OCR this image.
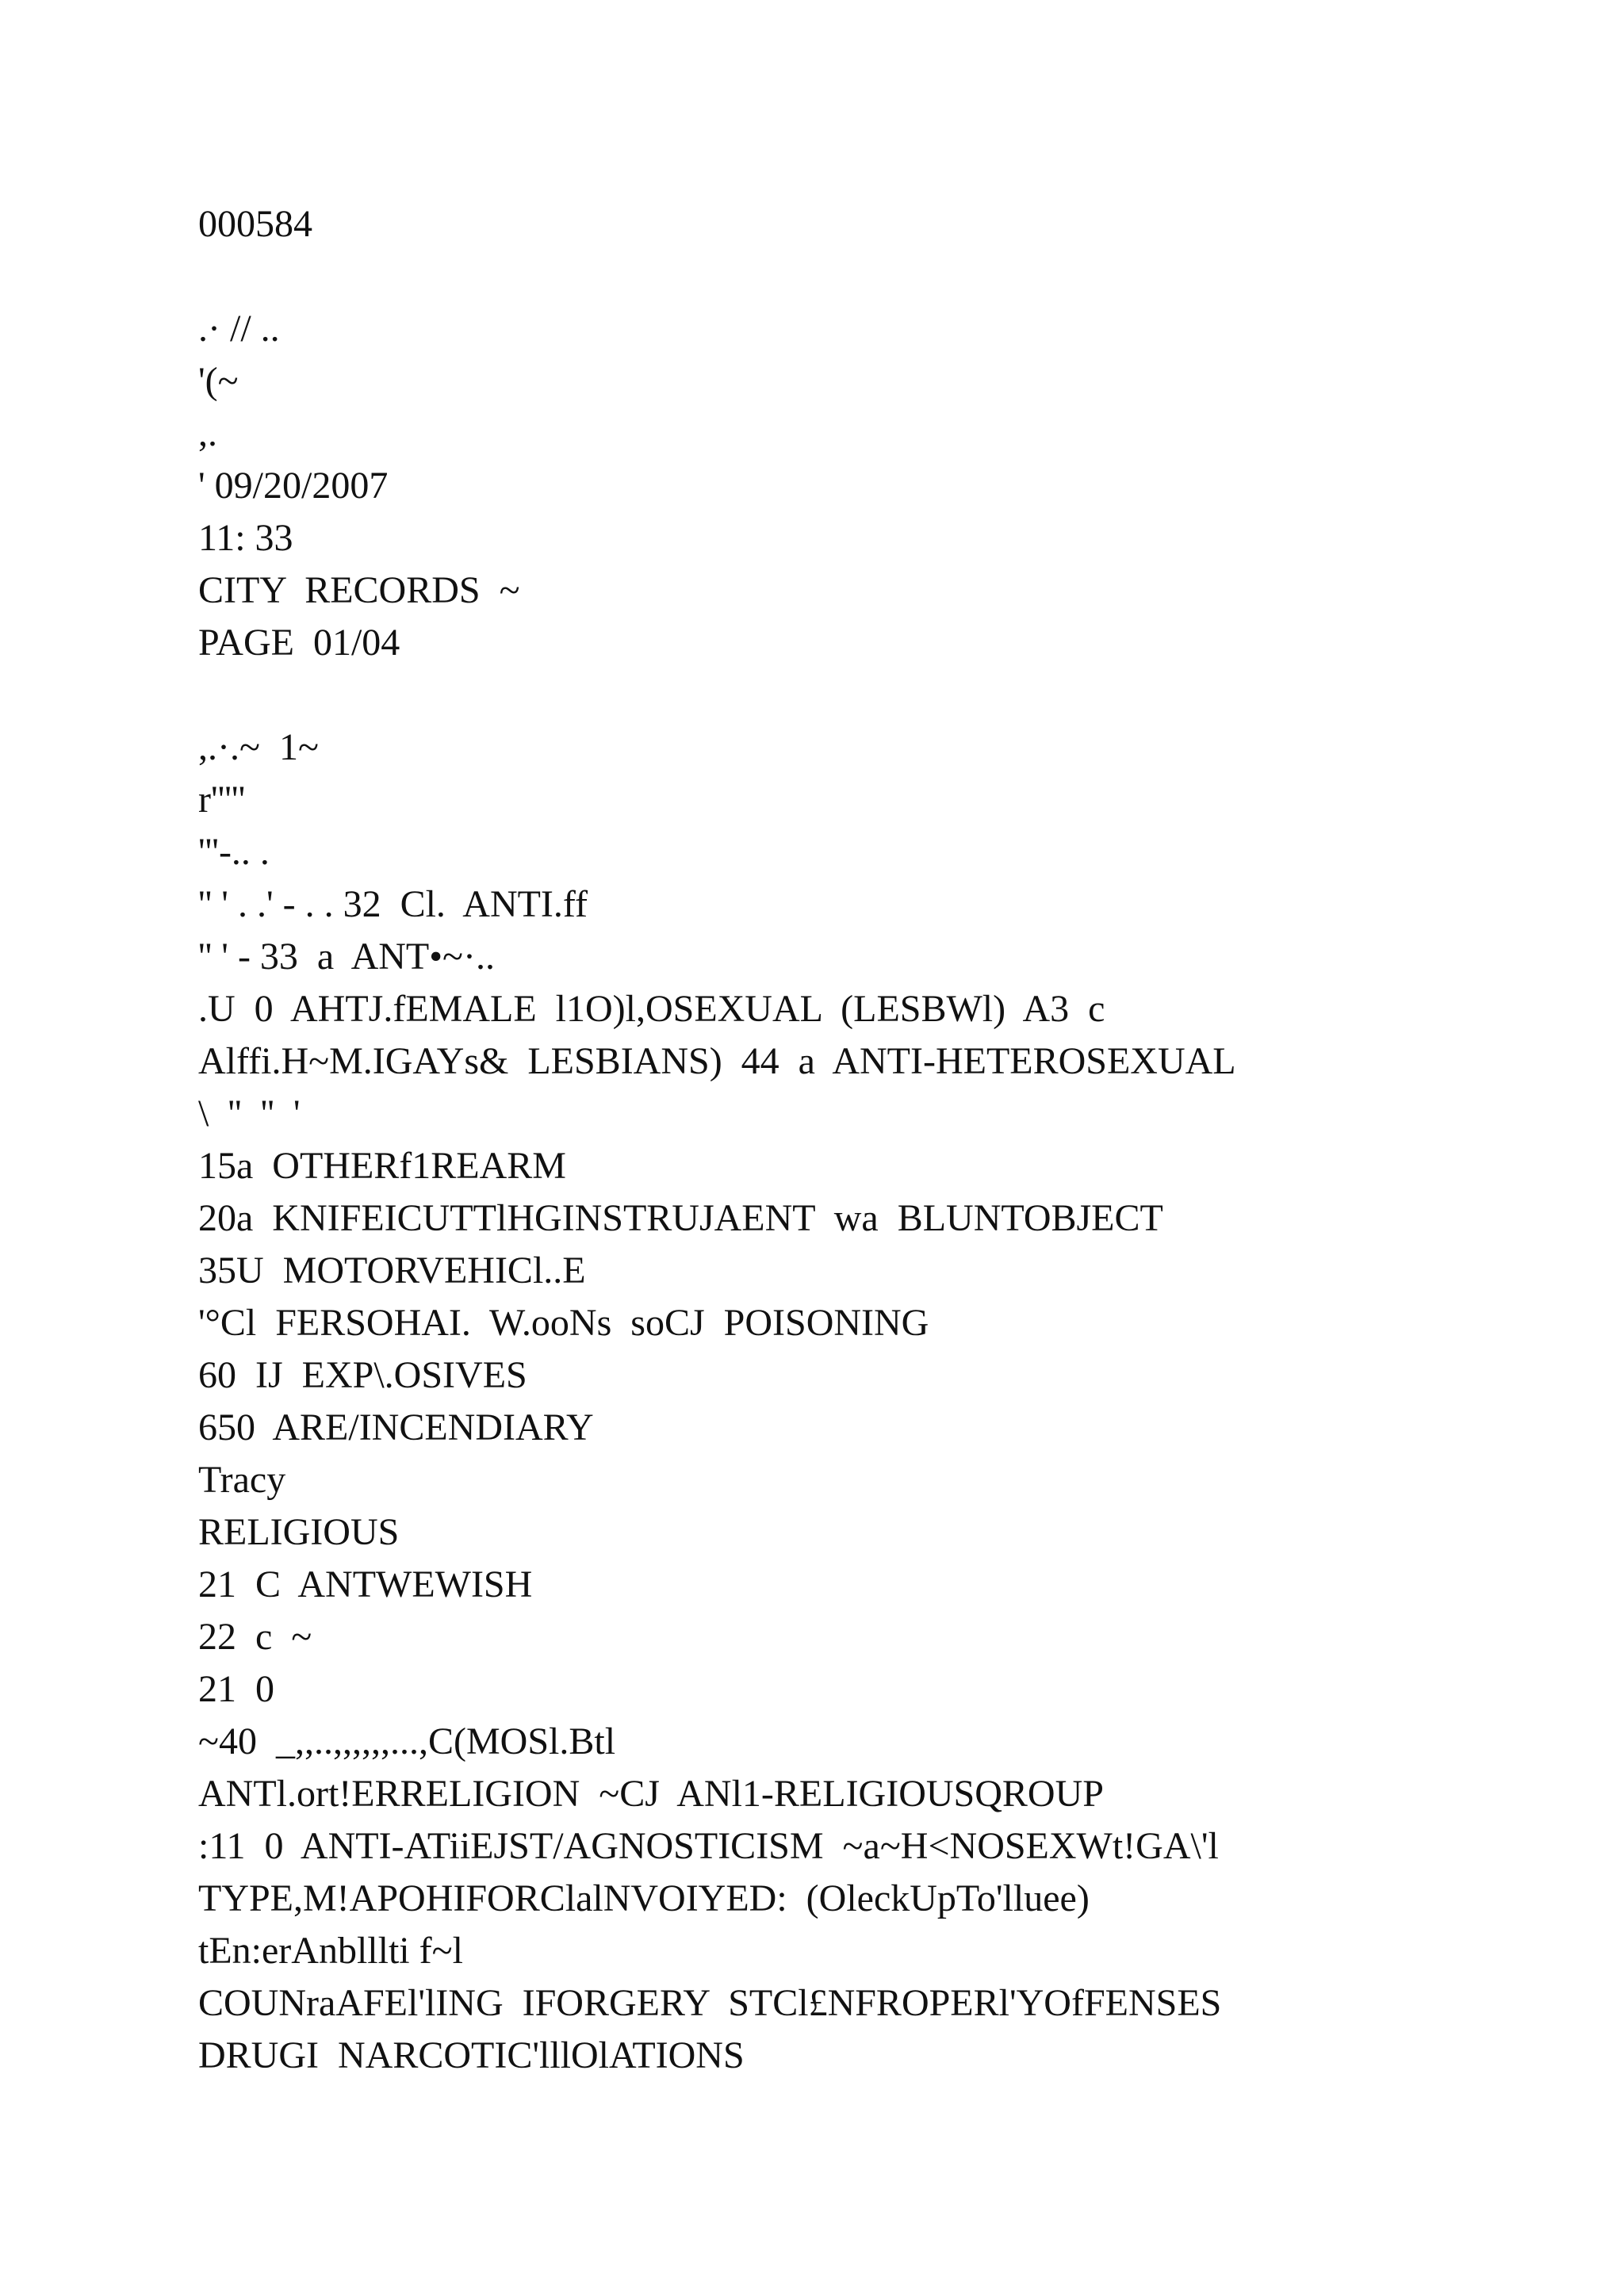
000584
.· // ..
'(~
,.
' 09/20/2007
11: 33
CITY  RECORDS  ~
PAGE  01/04
,.·.~  1~
r'''''
'''-.. .
'' ' . .' - . . 32  Cl.  ANTI.ff
'' ' - 33  a  ANT•~·..
.U  0  AHTJ.fEMALE  l1O)l,OSEXUAL  (LESBWl)  A3  c
Alffi.H~M.IGAYs&  LESBIANS)  44  a  ANTI-HETEROSEXUAL
\  ''  ''  '
15a  OTHERf1REARM
20a  KNIFEICUTTlHGINSTRUJAENT  wa  BLUNTOBJECT
35U  MOTORVEHICl..E
'°Cl  FERSOHAI.  W.ooNs  soCJ  POISONING
60  IJ  EXP\.OSIVES
650  ARE/INCENDIARY
Tracy
RELIGIOUS
21  C  ANTWEWISH
22  c  ~
21  0
~40  _,,..,,,,,,...,C(MOSl.Btl
ANTl.ort!ERRELIGION  ~CJ  ANl1-RELIGIOUSQROUP
:11  0  ANTI-ATiiEJST/AGNOSTICISM  ~a~H<NOSEXWt!GA\'l
TYPE,M!APOHIFORClalNVOIYED:  (OleckUpTo'lluee)
tEn:erAnblllti f~l
COUNraAFEl'lING  IFORGERY  STCl£NFROPERl'YOfFENSES
DRUGI  NARCOTIC'lllOlATIONS
